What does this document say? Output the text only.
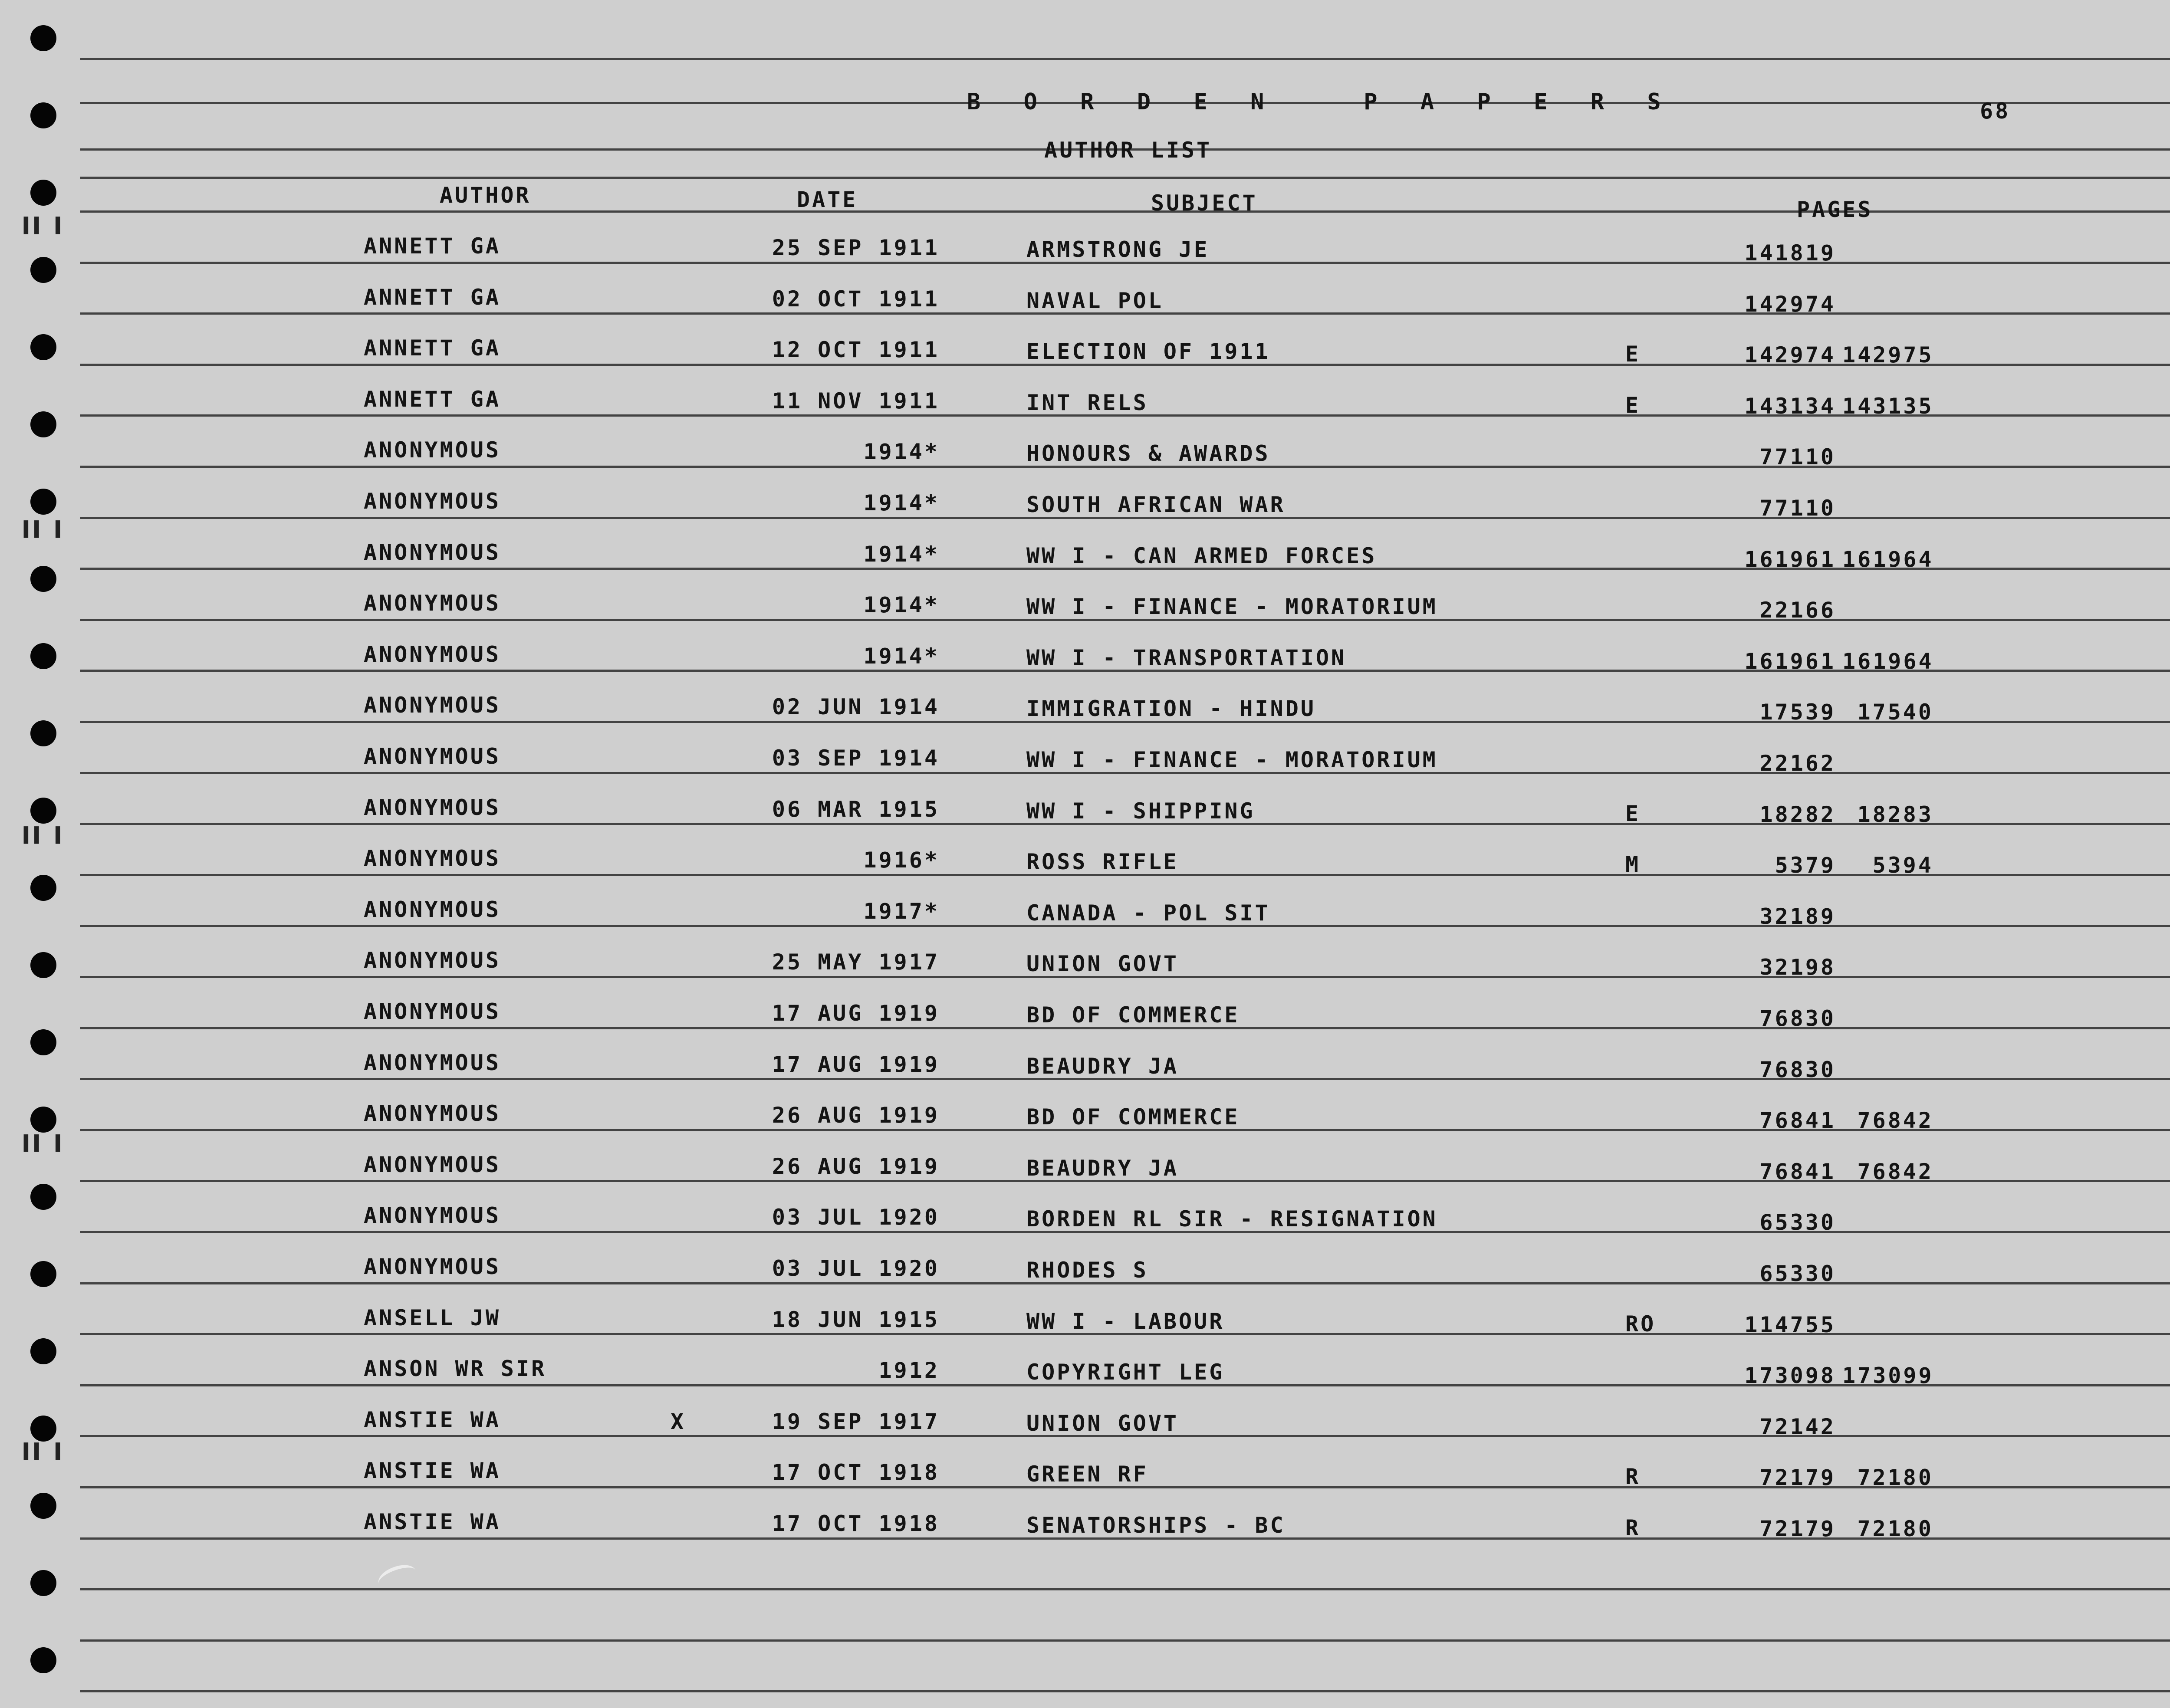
B O R D E N   P A P E R S	68
AUTHOR LIST
AUTHOR	DATE	SUBJECT	PAGES
ANNETT GA	25 SEP 1911	ARMSTRONG JE	141819
ANNETT GA	02 OCT 1911	NAVAL POL	142974
ANNETT GA	12 OCT 1911	ELECTION OF 1911	E	142974 142975
ANNETT GA	11 NOV 1911	INT RELS	E	143134 143135
ANONYMOUS	1914*	HONOURS & AWARDS	77110
ANONYMOUS	1914*	SOUTH AFRICAN WAR	77110
ANONYMOUS	1914*	WW I - CAN ARMED FORCES	161961 161964
ANONYMOUS	1914*	WW I - FINANCE - MORATORIUM	22166
ANONYMOUS	1914*	WW I - TRANSPORTATION	161961 161964
ANONYMOUS	02 JUN 1914	IMMIGRATION - HINDU	17539 17540
ANONYMOUS	03 SEP 1914	WW I - FINANCE - MORATORIUM	22162
ANONYMOUS	06 MAR 1915	WW I - SHIPPING	E	18282 18283
ANONYMOUS	1916*	ROSS RIFLE	M	5379	5394
ANONYMOUS	1917*	CANADA - POL SIT	32189
ANONYMOUS	25 MAY 1917	UNION GOVT	32198
ANONYMOUS	17 AUG 1919	BD OF COMMERCE	76830
ANONYMOUS	17 AUG 1919	BEAUDRY JA	76830
ANONYMOUS	26 AUG 1919	BD OF COMMERCE	76841 76842
ANONYMOUS	26 AUG 1919	BEAUDRY JA	76841 76842
ANONYMOUS	03 JUL 1920	BORDEN RL SIR - RESIGNATION	65330
ANONYMOUS	03 JUL 1920	RHODES S	65330
ANSELL JW	18 JUN 1915	WW I - LABOUR	RO	114755
ANSON WR SIR	1912	COPYRIGHT LEG	173098 173099
ANSTIE WA	X	19 SEP 1917	UNION GOVT	72142
ANSTIE WA	17 OCT 1918	GREEN RF	R	72179 72180
ANSTIE WA	17 OCT 1918	SENATORSHIPS - BC	R	72179 72180
▌▌ ▌
▌▌ ▌
▌▌ ▌
▌▌ ▌
▌▌ ▌
